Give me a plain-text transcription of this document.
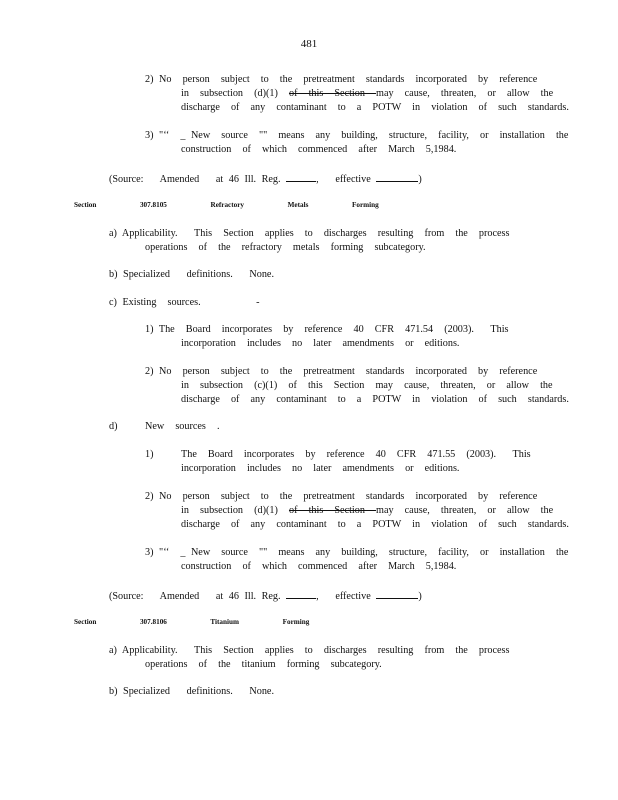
481
2) No  person  subject  to  the  pretreatment  standards  incorporated  by  reference
in  subsection  (d)(1)  of  this  Section  may  cause,  threaten,  or  allow  the
discharge  of  any  contaminant  to  a  POTW  in  violation  of  such  standards.
3) "‘‘  _ New  source  ""  means  any  building,  structure,  facility,  or  installation  the
construction  of  which  commenced  after  March  5,1984.
(Source:   Amended   at 46 Ill. Reg.	,   effective	)
Section  307.8105  Refractory  Metals  Forming
a) Applicability.   This  Section  applies  to  discharges  resulting  from  the  process
operations  of  the  refractory  metals  forming  subcategory.
b) Specialized   definitions.   None.
c) Existing  sources.          -
1) The  Board  incorporates  by  reference  40  CFR  471.54  (2003).   This
incorporation  includes  no  later  amendments  or  editions.
2) No  person  subject  to  the  pretreatment  standards  incorporated  by  reference
in  subsection  (c)(1)  of  this  Section  may  cause,  threaten,  or  allow  the
discharge  of  any  contaminant  to  a  POTW  in  violation  of  such  standards.
d)	New  sources  .
1)	The  Board  incorporates  by  reference  40  CFR  471.55  (2003).   This
incorporation  includes  no  later  amendments  or  editions.
2) No  person  subject  to  the  pretreatment  standards  incorporated  by  reference
in  subsection  (d)(1)  of  this  Section  may  cause,  threaten,  or  allow  the
discharge  of  any  contaminant  to  a  POTW  in  violation  of  such  standards.
3) "‘‘  _ New  source  ""  means  any  building,  structure,  facility,  or  installation  the
construction  of  which  commenced  after  March  5,1984.
(Source:   Amended   at 46 Ill. Reg.	,   effective	)
Section  307.8106  Titanium  Forming
a) Applicability.   This  Section  applies  to  discharges  resulting  from  the  process
operations  of  the  titanium  forming  subcategory.
b) Specialized   definitions.   None.
